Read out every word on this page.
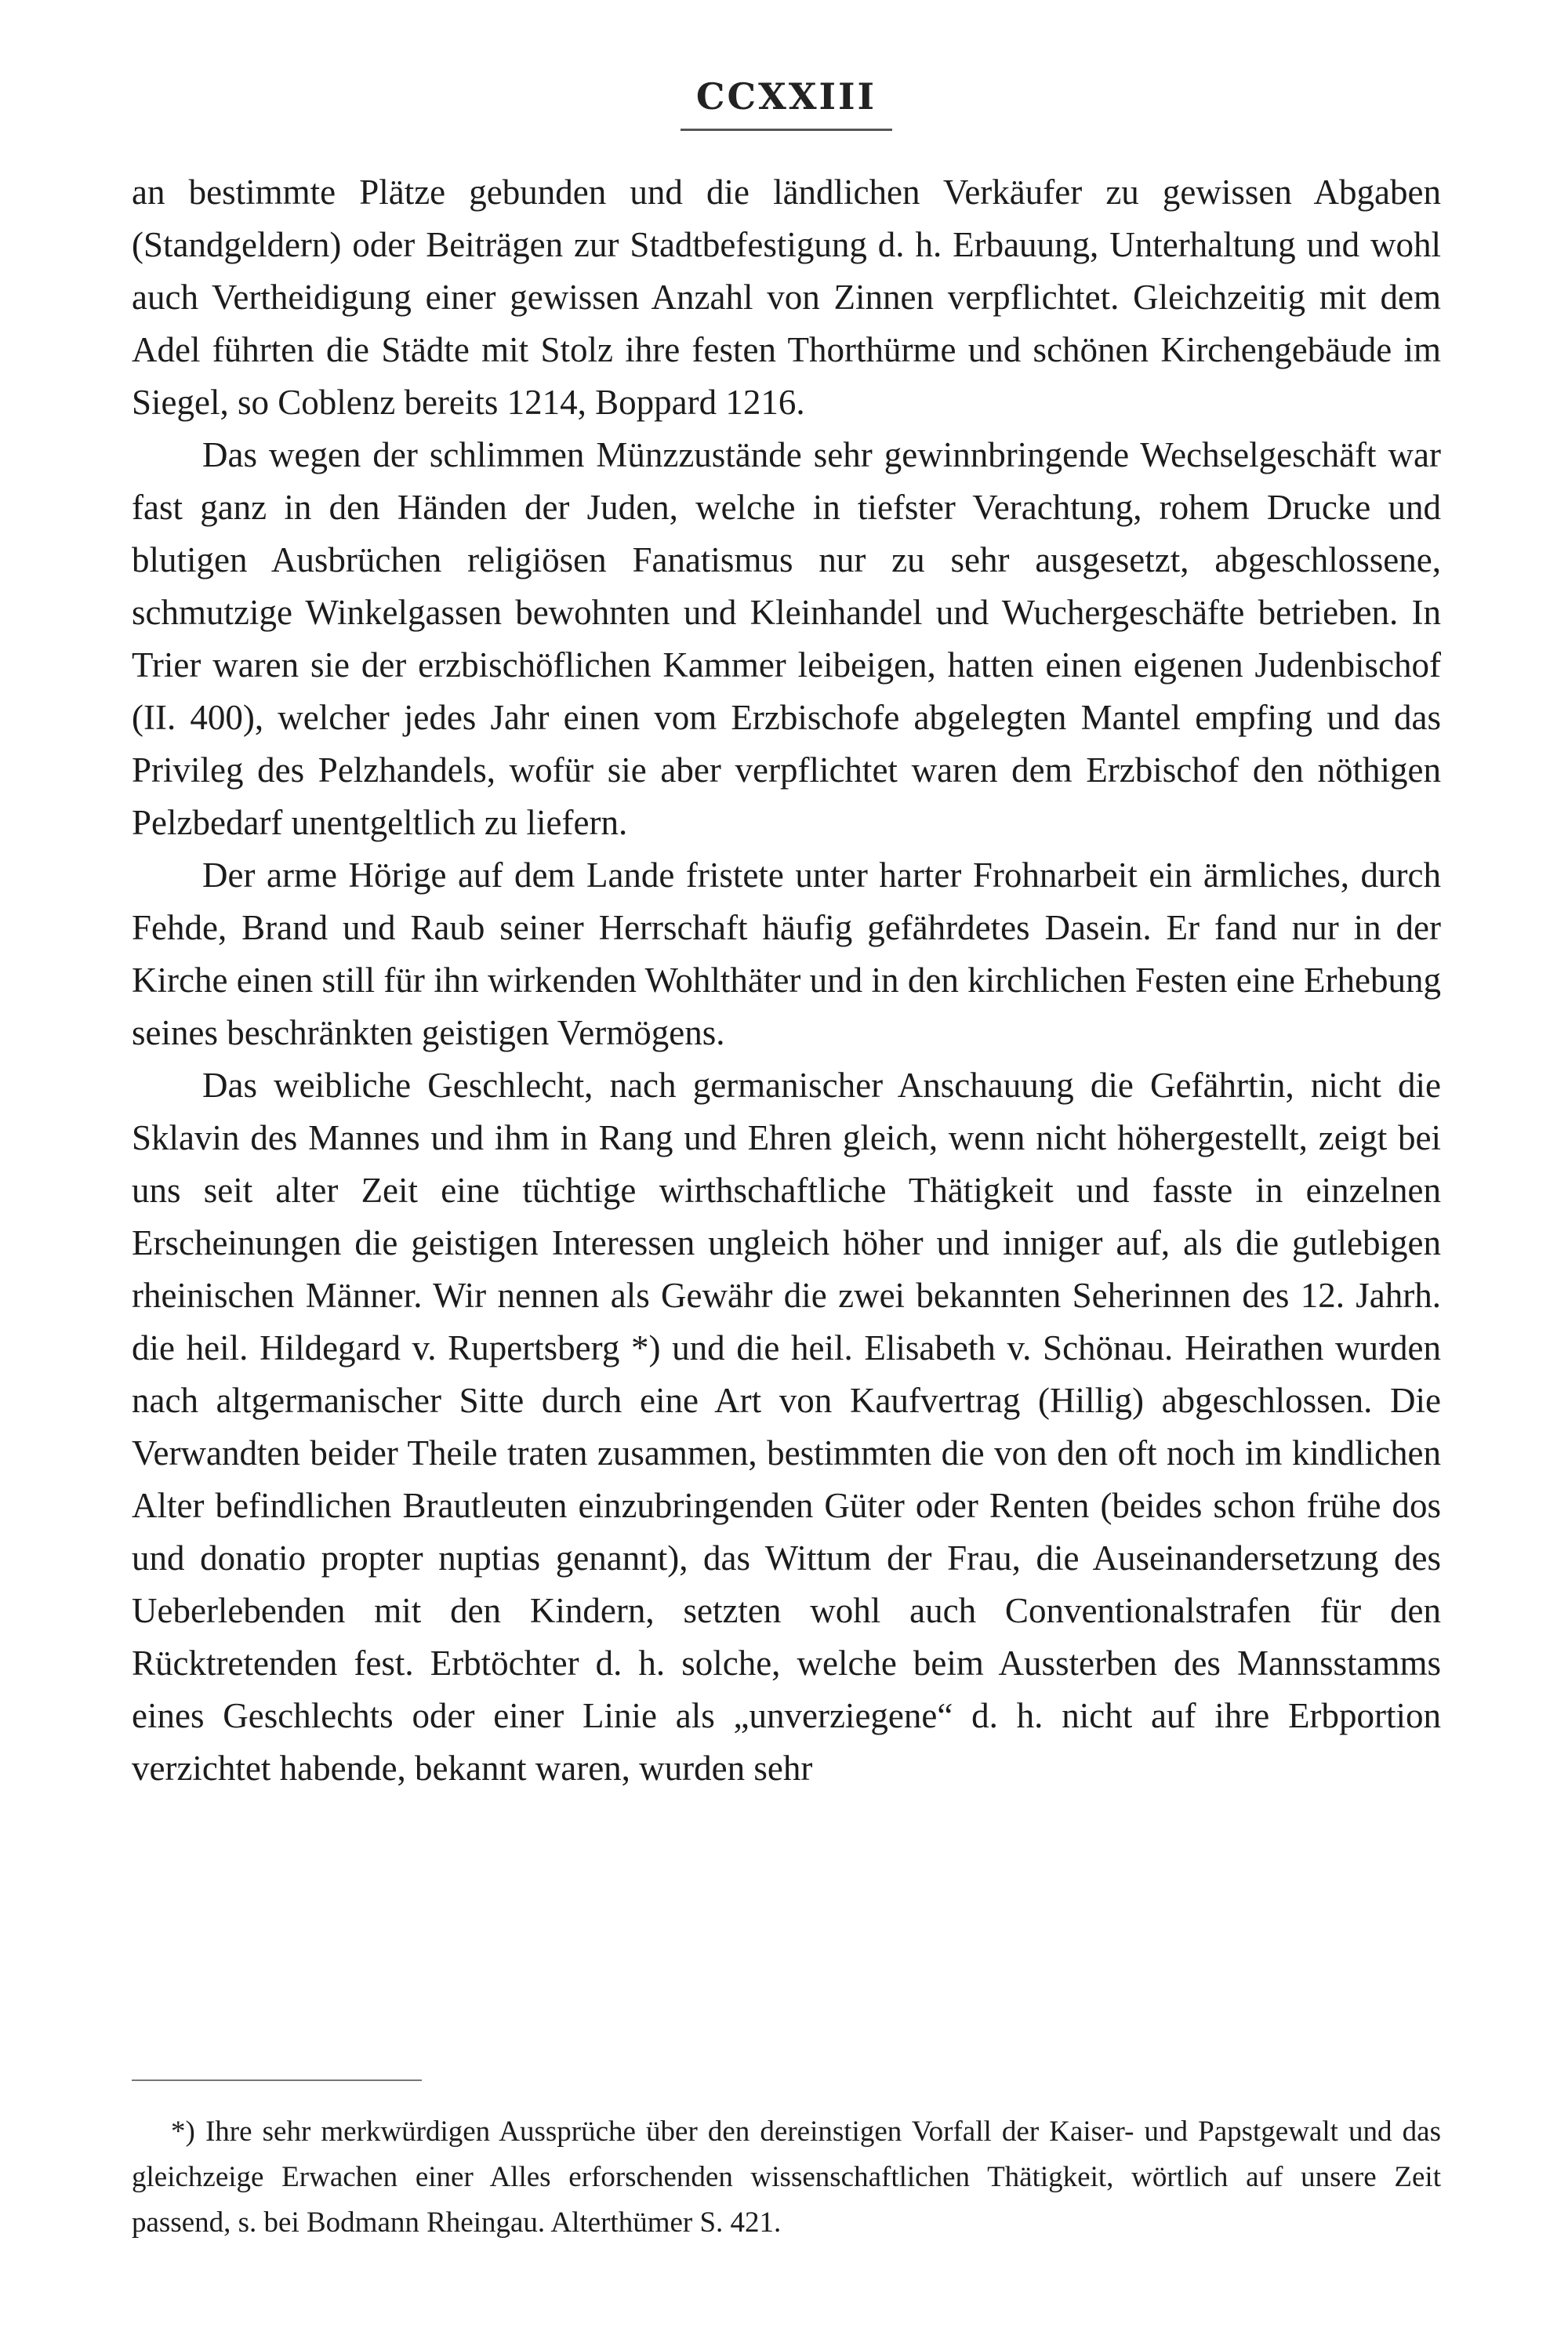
CCXXIII

an bestimmte Plätze gebunden und die ländlichen Verkäufer zu gewissen Abgaben (Standgeldern) oder Beiträgen zur Stadtbefestigung d. h. Erbauung, Unterhaltung und wohl auch Vertheidigung einer gewissen Anzahl von Zinnen verpflichtet. Gleichzeitig mit dem Adel führten die Städte mit Stolz ihre festen Thorthürme und schönen Kirchengebäude im Siegel, so Coblenz bereits 1214, Boppard 1216.

Das wegen der schlimmen Münzzustände sehr gewinnbringende Wechselgeschäft war fast ganz in den Händen der Juden, welche in tiefster Verachtung, rohem Drucke und blutigen Ausbrüchen religiösen Fanatismus nur zu sehr ausgesetzt, abgeschlossene, schmutzige Winkelgassen bewohnten und Kleinhandel und Wuchergeschäfte betrieben. In Trier waren sie der erzbischöflichen Kammer leibeigen, hatten einen eigenen Judenbischof (II. 400), welcher jedes Jahr einen vom Erzbischofe abgelegten Mantel empfing und das Privileg des Pelzhandels, wofür sie aber verpflichtet waren dem Erzbischof den nöthigen Pelzbedarf unentgeltlich zu liefern.

Der arme Hörige auf dem Lande fristete unter harter Frohnarbeit ein ärmliches, durch Fehde, Brand und Raub seiner Herrschaft häufig gefährdetes Dasein. Er fand nur in der Kirche einen still für ihn wirkenden Wohlthäter und in den kirchlichen Festen eine Erhebung seines beschränkten geistigen Vermögens.

Das weibliche Geschlecht, nach germanischer Anschauung die Gefährtin, nicht die Sklavin des Mannes und ihm in Rang und Ehren gleich, wenn nicht höhergestellt, zeigt bei uns seit alter Zeit eine tüchtige wirthschaftliche Thätigkeit und fasste in einzelnen Erscheinungen die geistigen Interessen ungleich höher und inniger auf, als die gutlebigen rheinischen Männer. Wir nennen als Gewähr die zwei bekannten Seherinnen des 12. Jahrh. die heil. Hildegard v. Rupertsberg *) und die heil. Elisabeth v. Schönau. Heirathen wurden nach altgermanischer Sitte durch eine Art von Kaufvertrag (Hillig) abgeschlossen. Die Verwandten beider Theile traten zusammen, bestimmten die von den oft noch im kindlichen Alter befindlichen Brautleuten einzubringenden Güter oder Renten (beides schon frühe dos und donatio propter nuptias genannt), das Wittum der Frau, die Auseinandersetzung des Ueberlebenden mit den Kindern, setzten wohl auch Conventionalstrafen für den Rücktretenden fest. Erbtöchter d. h. solche, welche beim Aussterben des Mannsstamms eines Geschlechts oder einer Linie als „unverziegene“ d. h. nicht auf ihre Erbportion verzichtet habende, bekannt waren, wurden sehr

*) Ihre sehr merkwürdigen Aussprüche über den dereinstigen Vorfall der Kaiser- und Papstgewalt und das gleichzeige Erwachen einer Alles erforschenden wissenschaftlichen Thätigkeit, wörtlich auf unsere Zeit passend, s. bei Bodmann Rheingau. Alterthümer S. 421.
